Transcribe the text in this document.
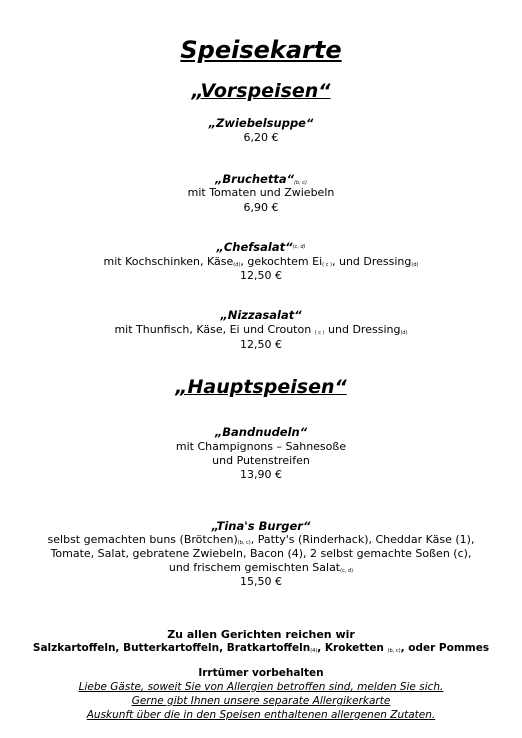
Speisekarte
„Vorspeisen“
„Zwiebelsuppe“
6,20 €
„Bruchetta“(b, c)
mit Tomaten und Zwiebeln
6,90 €
„Chefsalat“$^{(c, d)}$
mit Kochschinken, Käse(d), gekochtem Ei( c ), und Dressing(d)
12,50 €
„Nizzasalat“
mit Thunfisch, Käse, Ei und Crouton ( c ) und Dressing(d)
12,50 €
„Hauptspeisen“
„Bandnudeln“
mit Champignons – Sahnesoße
und Putenstreifen
13,90 €
„Tina's Burger“
selbst gemachten buns (Brötchen)(b, c), Patty's (Rinderhack), Cheddar Käse (1),
Tomate, Salat, gebratene Zwiebeln, Bacon (4), 2 selbst gemachte Soßen (c),
und frischem gemischten Salat(c, d)
15,50 €
Zu allen Gerichten reichen wir
Salzkartoffeln, Butterkartoffeln, Bratkartoffeln(4), Kroketten (b, c), oder Pommes
Irrtümer vorbehalten
Liebe Gäste, soweit Sie von Allergien betroffen sind, melden Sie sich.
Gerne gibt Ihnen unsere separate Allergikerkarte
Auskunft über die in den Speisen enthaltenen allergenen Zutaten.
